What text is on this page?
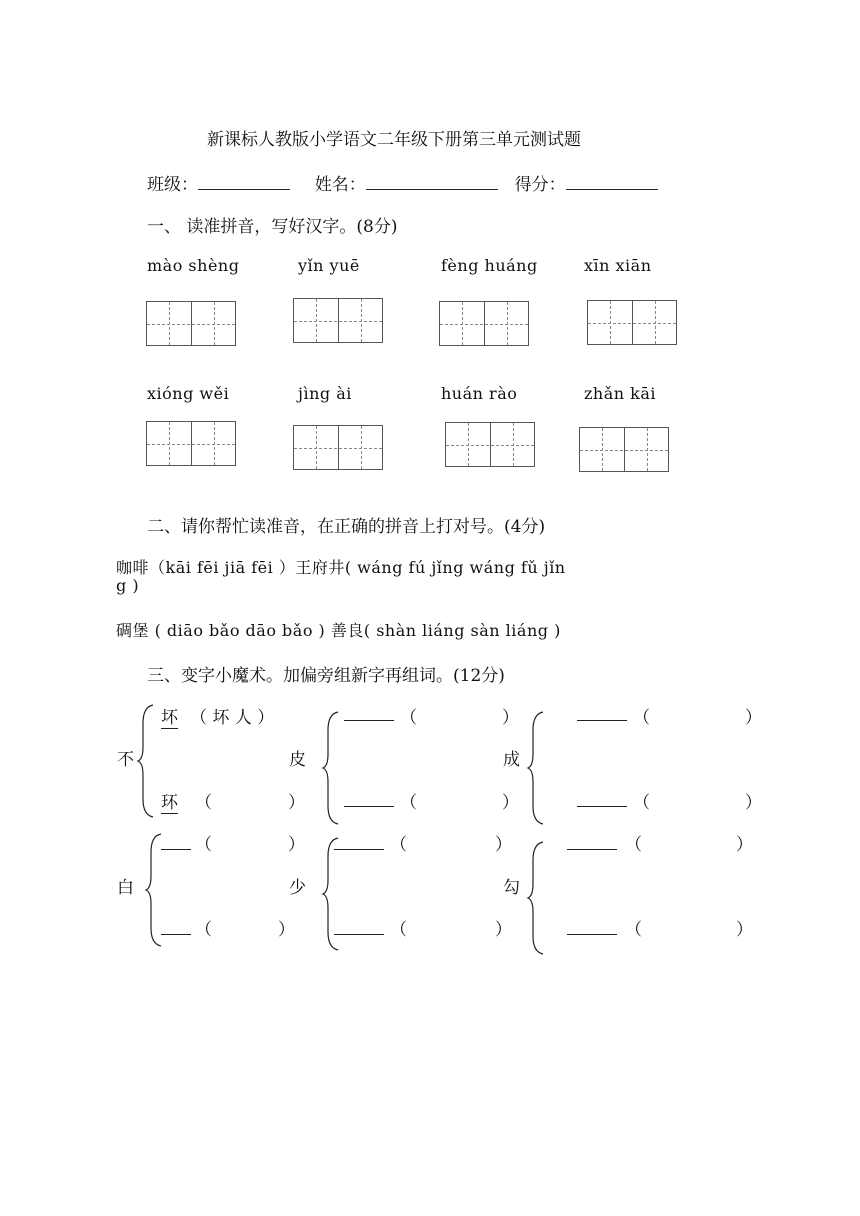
新课标人教版小学语文二年级下册第三单元测试题
班级：	姓名：	得分：
一、 读准拼音，写好汉字。(8分)
mào shèng	yǐn yuē	fèng huáng	xīn xiān
xióng wěi	jìng ài	huán rào	zhǎn kāi
二、请你帮忙读准音，在正确的拼音上打对号。(4分)
咖啡（kāi fēi jiā fēi ）王府井( wáng fú jǐng wáng fǔ jǐn
g )
碉堡 ( diāo bǎo dāo bǎo ) 善良( shàn liáng sàn liáng )
三、变字小魔术。加偏旁组新字再组词。(12分)
不
坏 （ 坏 人 ）
环 （	）
皮
（	）
（	）
成
（	）
（	）
白
（	）
（	）
少
（	）
（	）
勾
（	）
（	）
